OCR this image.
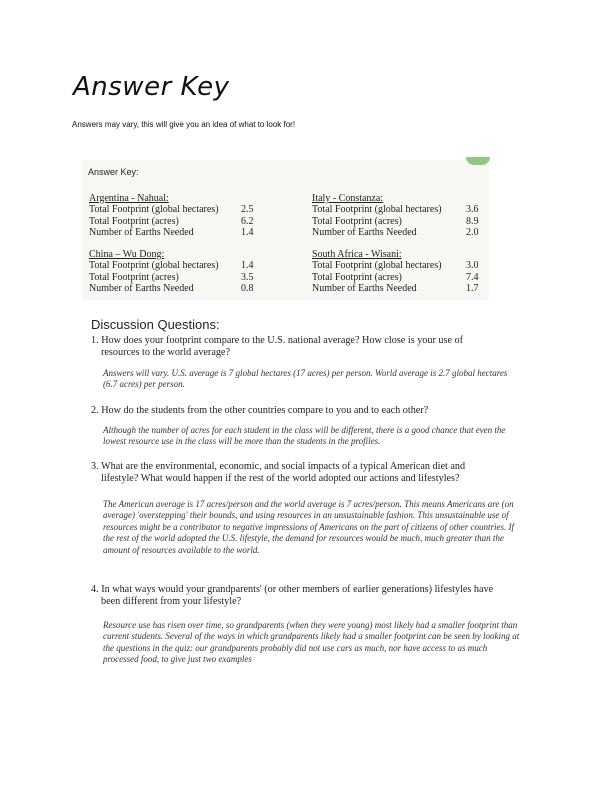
Answer Key
Answers may vary, this will give you an idea of what to look for!
Answer Key:
Argentina - Nahual:
Total Footprint (global hectares)	2.5
Total Footprint (acres)	6.2
Number of Earths Needed	1.4
China – Wu Dong:
Total Footprint (global hectares)	1.4
Total Footprint (acres)	3.5
Number of Earths Needed	0.8
Italy - Constanza:
Total Footprint (global hectares)	3.6
Total Footprint (acres)	8.9
Number of Earths Needed	2.0
South Africa - Wisani:
Total Footprint (global hectares)	3.0
Total Footprint (acres)	7.4
Number of Earths Needed	1.7
Discussion Questions:
1. How does your footprint compare to the U.S. national average? How close is your use of resources to the world average?
Answers will vary. U.S. average is 7 global hectares (17 acres) per person. World average is 2.7 global hectares (6.7 acres) per person.
2. How do the students from the other countries compare to you and to each other?
Although the number of acres for each student in the class will be different, there is a good chance that even the lowest resource use in the class will be more than the students in the profiles.
3. What are the environmental, economic, and social impacts of a typical American diet and lifestyle? What would happen if the rest of the world adopted our actions and lifestyles?
The American average is 17 acres/person and the world average is 7 acres/person. This means Americans are (on average) 'overstepping' their bounds, and using resources in an unsustainable fashion. This unsustainable use of resources might be a contributor to negative impressions of Americans on the part of citizens of other countries. If the rest of the world adopted the U.S. lifestyle, the demand for resources would be much, much greater than the amount of resources available to the world.
4. In what ways would your grandparents' (or other members of earlier generations) lifestyles have been different from your lifestyle?
Resource use has risen over time, so grandparents (when they were young) most likely had a smaller footprint than current students. Several of the ways in which grandparents likely had a smaller footprint can be seen by looking at the questions in the quiz: our grandparents probably did not use cars as much, nor have access to as much processed food, to give just two examples
